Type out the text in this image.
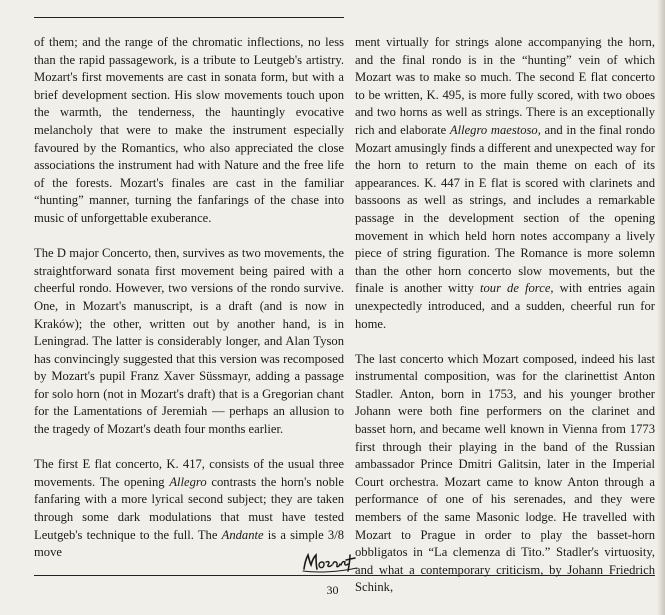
of them; and the range of the chromatic inflections, no less than the rapid passagework, is a tribute to Leutgeb's artistry. Mozart's first movements are cast in sonata form, but with a brief development section. His slow movements touch upon the warmth, the tenderness, the hauntingly evocative melancholy that were to make the instrument especially favoured by the Romantics, who also appreciated the close associations the instrument had with Nature and the free life of the forests. Mozart's finales are cast in the familiar “hunting” manner, turning the fanfarings of the chase into music of unforgettable exuberance.

The D major Concerto, then, survives as two movements, the straightforward sonata first movement being paired with a cheerful rondo. However, two versions of the rondo survive. One, in Mozart's manuscript, is a draft (and is now in Kraków); the other, written out by another hand, is in Leningrad. The latter is considerably longer, and Alan Tyson has convincingly suggested that this version was recomposed by Mozart's pupil Franz Xaver Süssmayr, adding a passage for solo horn (not in Mozart's draft) that is a Gregorian chant for the Lamentations of Jeremiah — perhaps an allusion to the tragedy of Mozart's death four months earlier.

The first E flat concerto, K. 417, consists of the usual three movements. The opening Allegro contrasts the horn's noble fanfaring with a more lyrical second subject; they are taken through some dark modulations that must have tested Leutgeb's technique to the full. The Andante is a simple 3/8 move

ment virtually for strings alone accompanying the horn, and the final rondo is in the “hunting” vein of which Mozart was to make so much. The second E flat concerto to be written, K. 495, is more fully scored, with two oboes and two horns as well as strings. There is an exceptionally rich and elaborate Allegro maestoso, and in the final rondo Mozart amusingly finds a different and unexpected way for the horn to return to the main theme on each of its appearances. K. 447 in E flat is scored with clarinets and bassoons as well as strings, and includes a remarkable passage in the development section of the opening movement in which held horn notes accompany a lively piece of string figuration. The Romance is more solemn than the other horn concerto slow movements, but the finale is another witty tour de force, with entries again unexpectedly introduced, and a sudden, cheerful run for home.

The last concerto which Mozart composed, indeed his last instrumental composition, was for the clarinettist Anton Stadler. Anton, born in 1753, and his younger brother Johann were both fine performers on the clarinet and basset horn, and became well known in Vienna from 1773 first through their playing in the band of the Russian ambassador Prince Dmitri Galitsin, later in the Imperial Court orchestra. Mozart came to know Anton through a performance of one of his serenades, and they were members of the same Masonic lodge. He travelled with Mozart to Prague in order to play the basset-horn obbligatos in “La clemenza di Tito.” Stadler's virtuosity, and what a contemporary criticism, by Johann Friedrich Schink,

30
